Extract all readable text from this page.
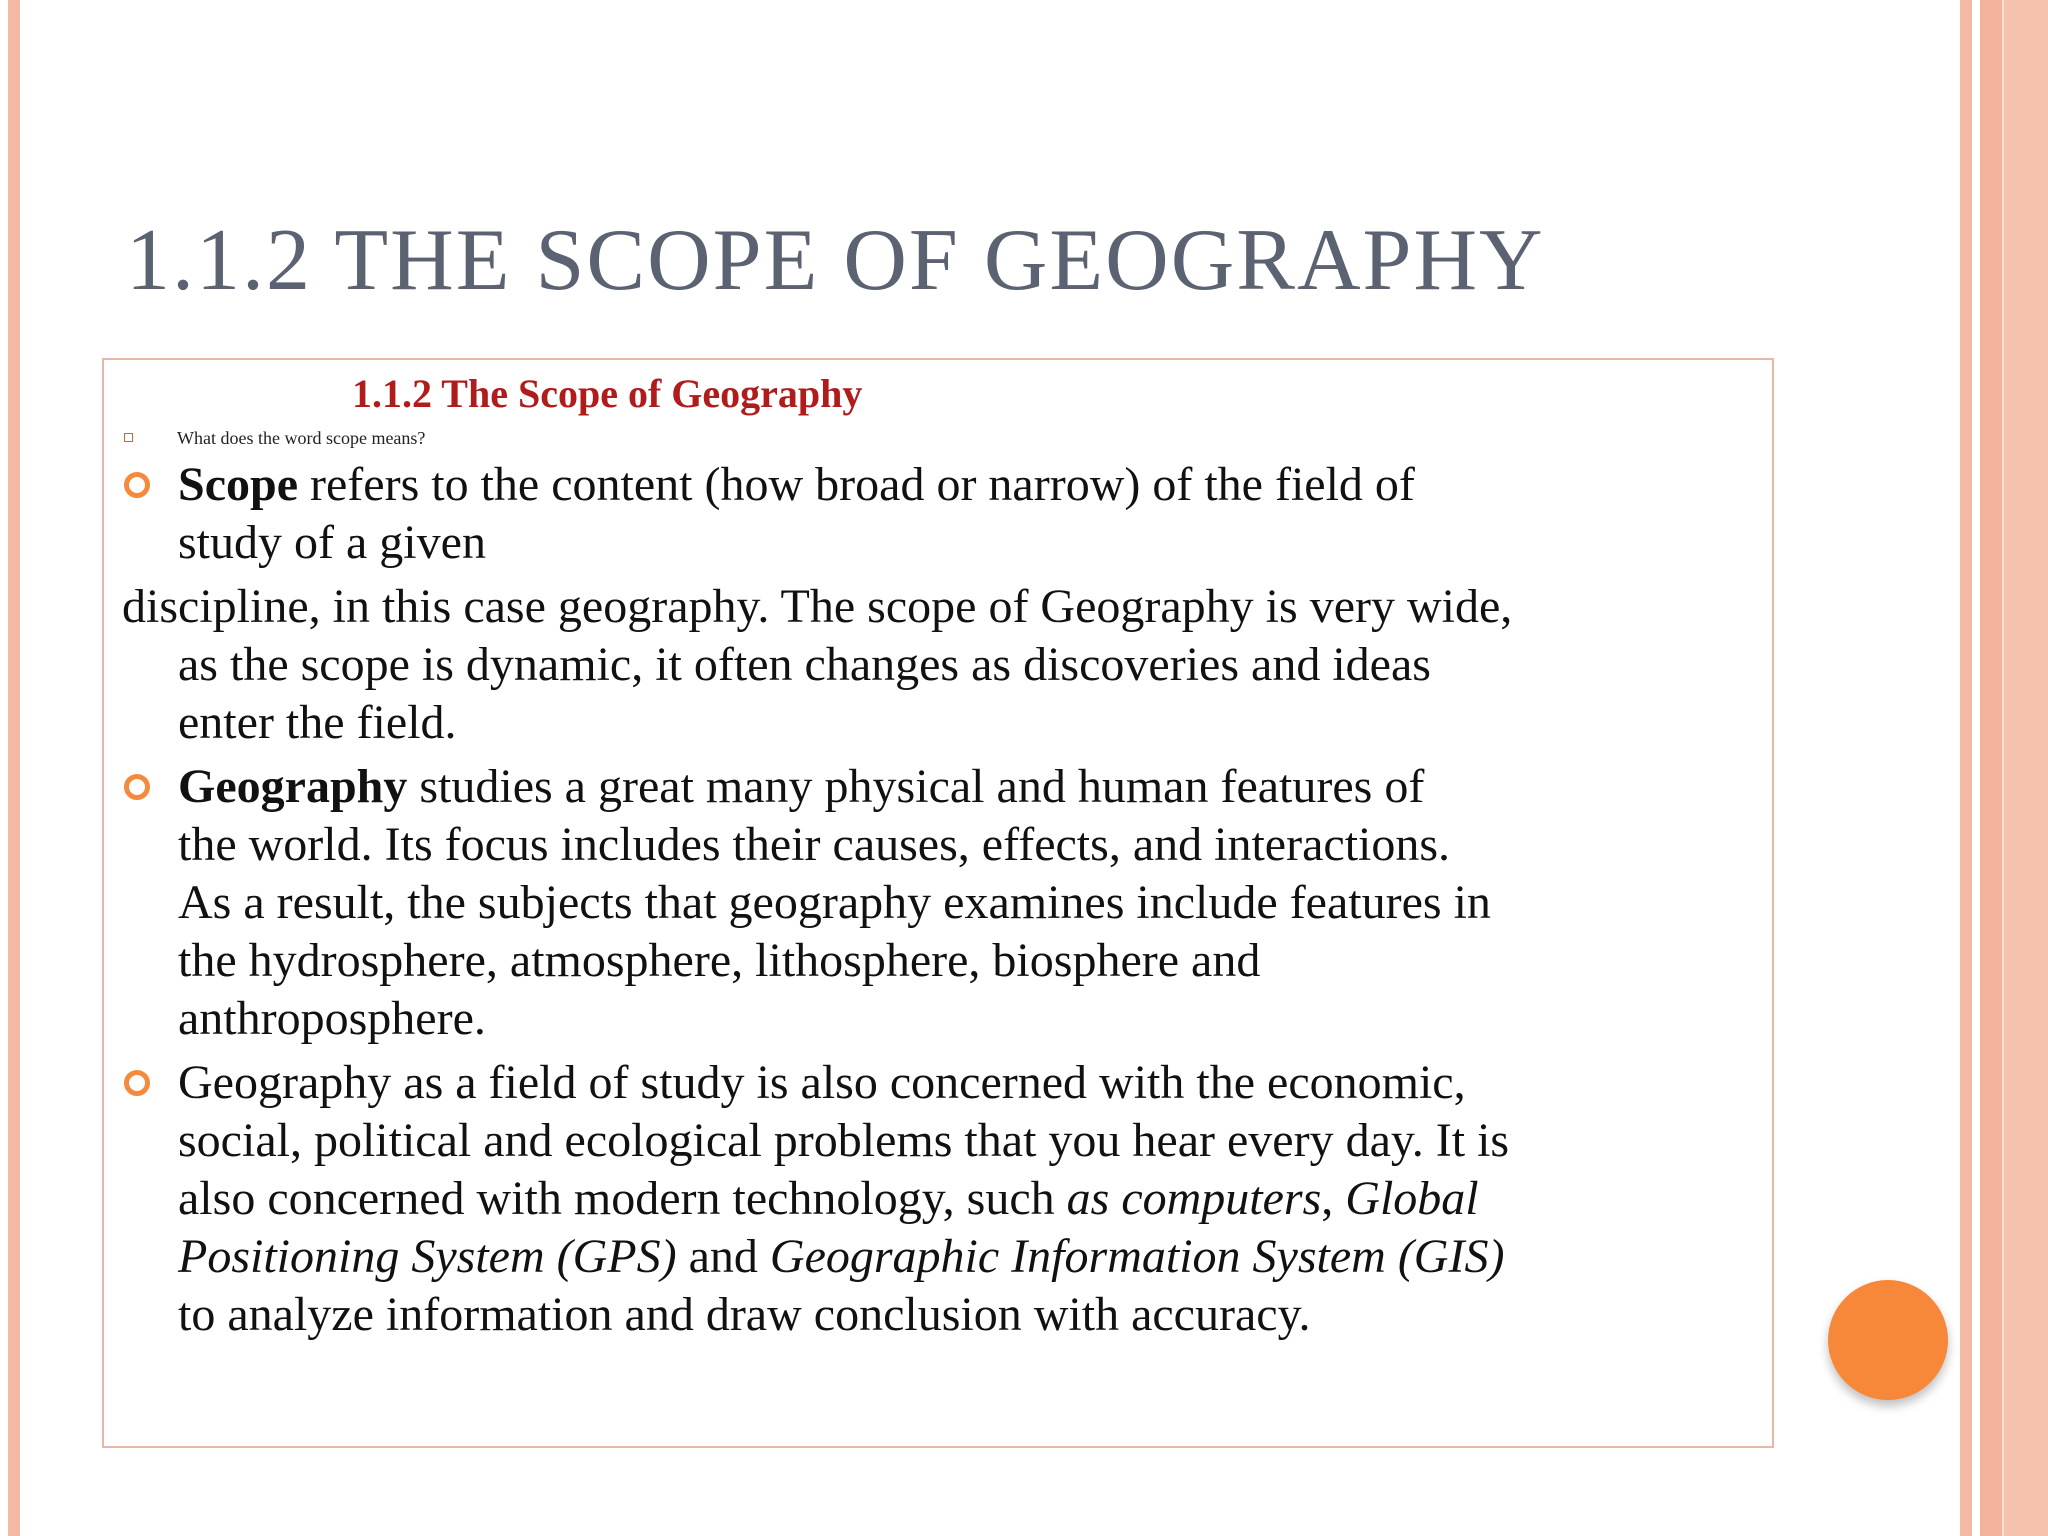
1.1.2 THE SCOPE OF GEOGRAPHY
1.1.2 The Scope of Geography
What does the word scope means?
Scope refers to the content (how broad or narrow) of the field of
study of a given
discipline, in this case geography. The scope of Geography is very wide,
as the scope is dynamic, it often changes as discoveries and ideas
enter the field.
Geography studies a great many physical and human features of
the world. Its focus includes their causes, effects, and interactions.
As a result, the subjects that geography examines include features in
the hydrosphere, atmosphere, lithosphere, biosphere and
anthroposphere.
Geography as a field of study is also concerned with the economic,
social, political and ecological problems that you hear every day. It is
also concerned with modern technology, such as computers, Global
Positioning System (GPS) and Geographic Information System (GIS)
to analyze information and draw conclusion with accuracy.
